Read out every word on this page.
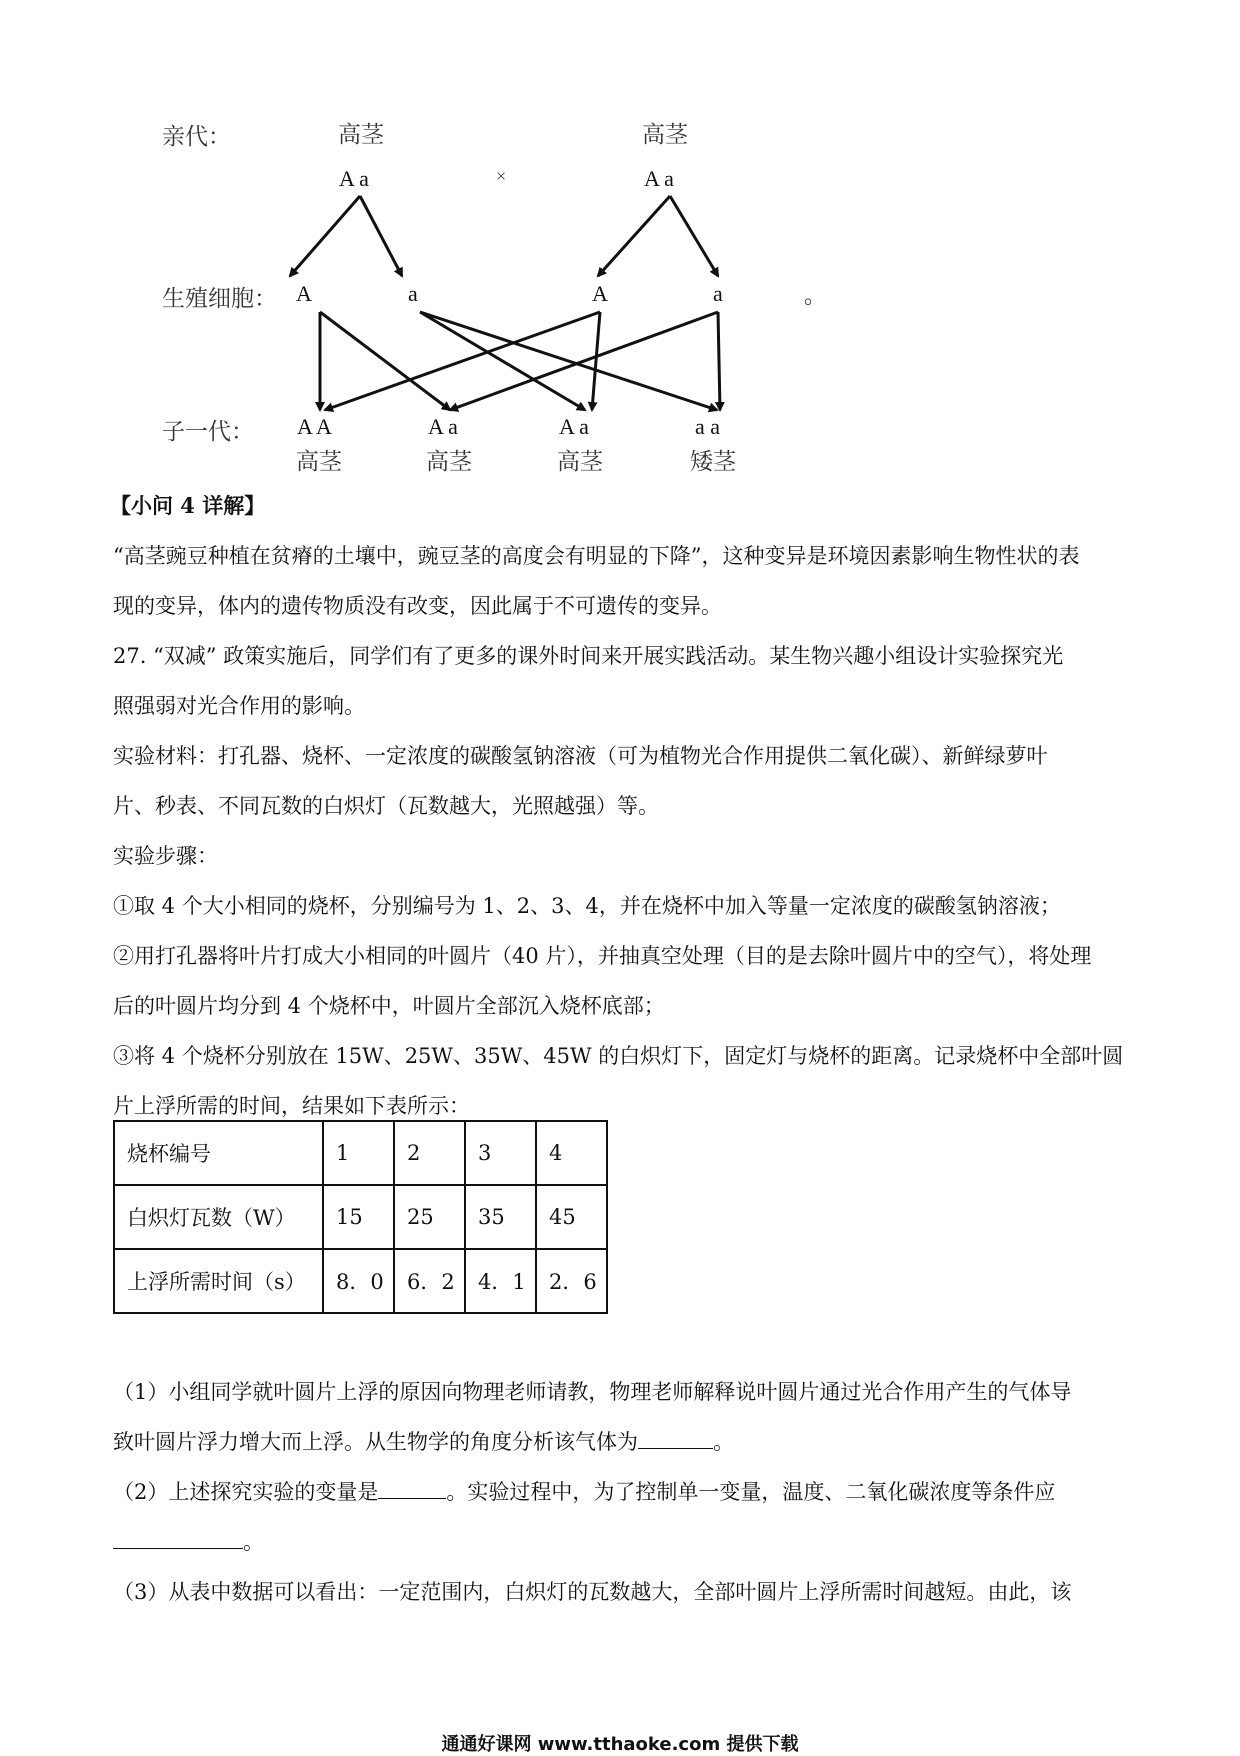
亲代：	高茎	高茎
A a	×	A a
生殖细胞： A	a	A	a	。
子一代： A A	A a	A a	a a
高茎	高茎	高茎	矮茎
【小问 4 详解】
“高茎豌豆种植在贫瘠的土壤中，豌豆茎的高度会有明显的下降”，这种变异是环境因素影响生物性状的表
现的变异，体内的遗传物质没有改变，因此属于不可遗传的变异。
27. “双减” 政策实施后，同学们有了更多的课外时间来开展实践活动。某生物兴趣小组设计实验探究光
照强弱对光合作用的影响。
实验材料：打孔器、烧杯、一定浓度的碳酸氢钠溶液（可为植物光合作用提供二氧化碳）、新鲜绿萝叶
片、秒表、不同瓦数的白炽灯（瓦数越大，光照越强）等。
实验步骤：
①取 4 个大小相同的烧杯，分别编号为 1、2、3、4，并在烧杯中加入等量一定浓度的碳酸氢钠溶液；
②用打孔器将叶片打成大小相同的叶圆片（40 片），并抽真空处理（目的是去除叶圆片中的空气），将处理
后的叶圆片均分到 4 个烧杯中，叶圆片全部沉入烧杯底部；
③将 4 个烧杯分别放在 15W、25W、35W、45W 的白炽灯下，固定灯与烧杯的距离。记录烧杯中全部叶圆
片上浮所需的时间，结果如下表所示：
烧杯编号	1	2	3	4
白炽灯瓦数（W）	15	25	35	45
上浮所需时间（s）	8．0	6．2	4．1	2．6
（1）小组同学就叶圆片上浮的原因向物理老师请教，物理老师解释说叶圆片通过光合作用产生的气体导
致叶圆片浮力增大而上浮。从生物学的角度分析该气体为	。
（2）上述探究实验的变量是	。实验过程中，为了控制单一变量，温度、二氧化碳浓度等条件应
。
（3）从表中数据可以看出：一定范围内，白炽灯的瓦数越大，全部叶圆片上浮所需时间越短。由此，该
通通好课网 www.tthaoke.com 提供下载
